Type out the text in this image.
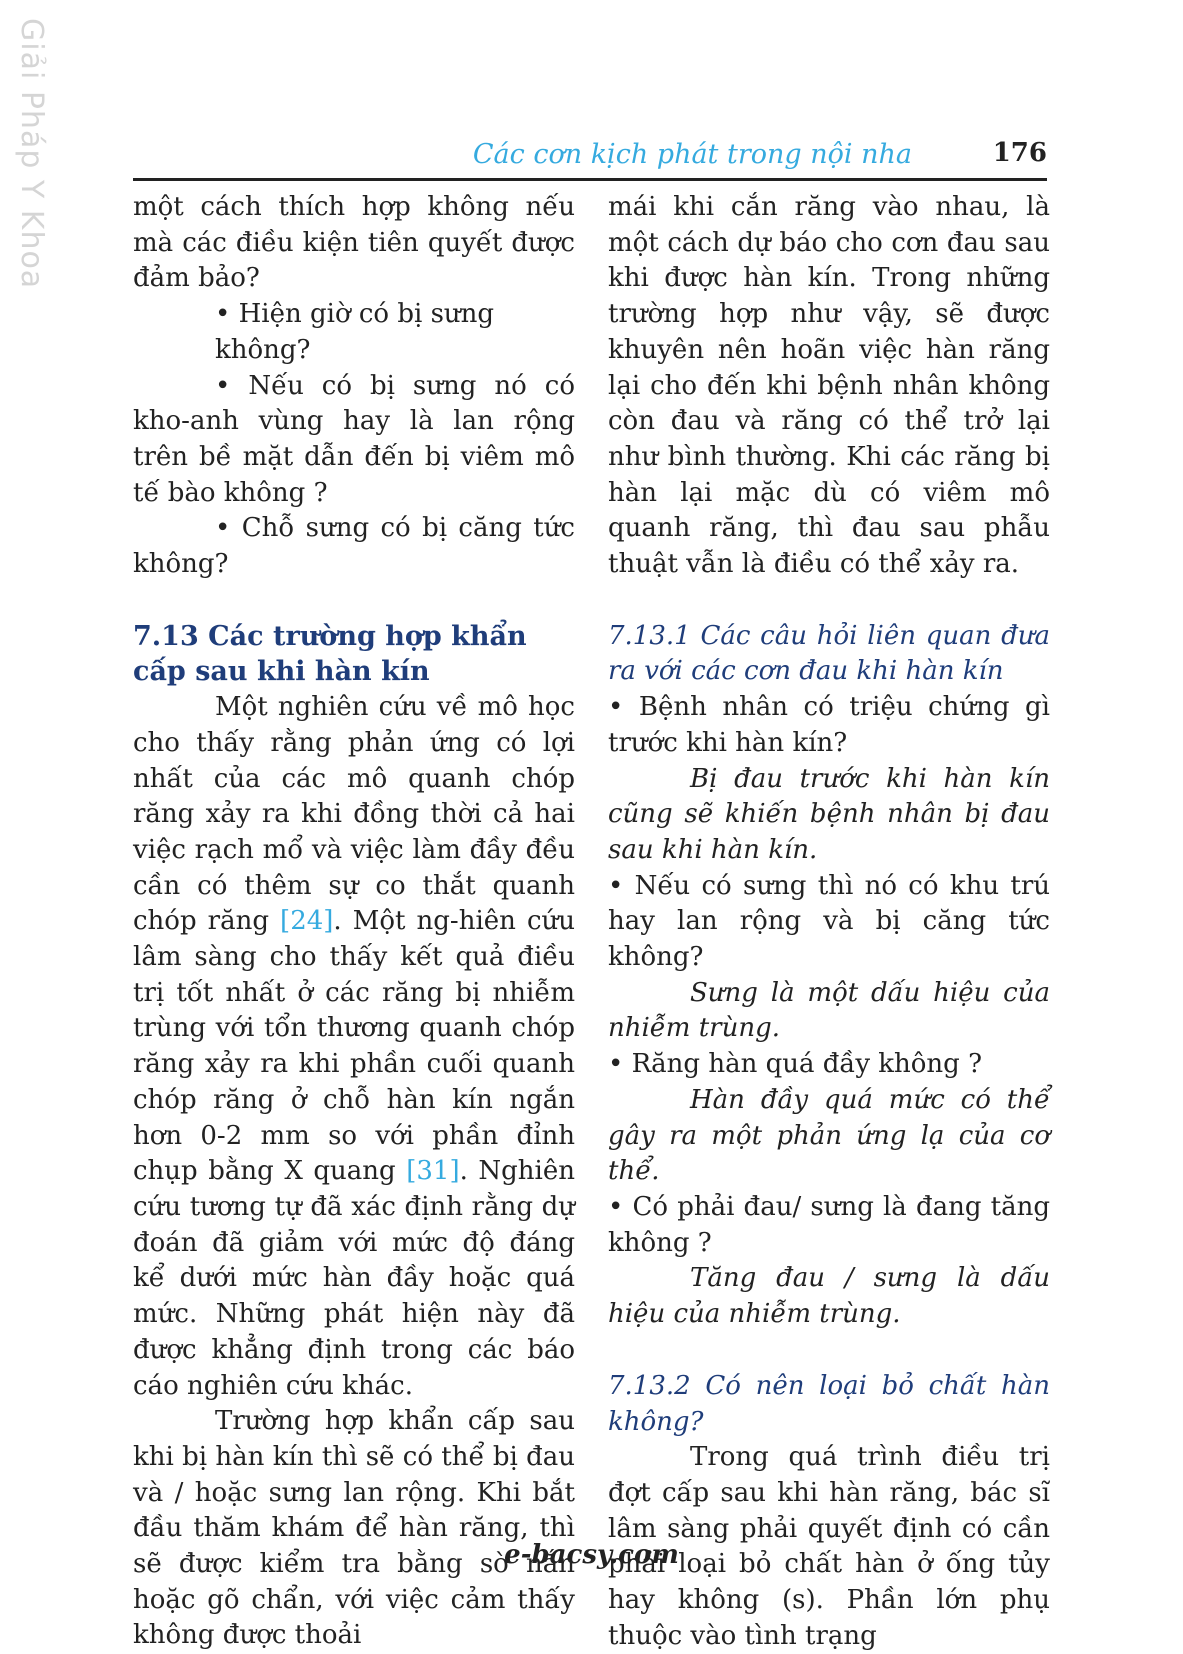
Giải Pháp Y Khoa	Các cơn kịch phát trong nội nha	176

một cách thích hợp không nếu mà các điều kiện tiên quyết được đảm bảo?

• Hiện giờ có bị sưng không?

• Nếu có bị sưng nó có kho-anh vùng hay là lan rộng trên bề mặt dẫn đến bị viêm mô tế bào không ?

• Chỗ sưng có bị căng tức không?

7.13 Các trường hợp khẩn cấp sau khi hàn kín

Một nghiên cứu về mô học cho thấy rằng phản ứng có lợi nhất của các mô quanh chóp răng xảy ra khi đồng thời cả hai việc rạch mổ và việc làm đầy đều cần có thêm sự co thắt quanh chóp răng [24]. Một ng-hiên cứu lâm sàng cho thấy kết quả điều trị tốt nhất ở các răng bị nhiễm trùng với tổn thương quanh chóp răng xảy ra khi phần cuối quanh chóp răng ở chỗ hàn kín ngắn hơn 0-2 mm so với phần đỉnh chụp bằng X quang [31]. Nghiên cứu tương tự đã xác định rằng dự đoán đã giảm với mức độ đáng kể dưới mức hàn đầy hoặc quá mức. Những phát hiện này đã được khẳng định trong các báo cáo nghiên cứu khác.

Trường hợp khẩn cấp sau khi bị hàn kín thì sẽ có thể bị đau và / hoặc sưng lan rộng. Khi bắt đầu thăm khám để hàn răng, thì sẽ được kiểm tra bằng sờ nắn hoặc gõ chẩn, với việc cảm thấy không được thoải

mái khi cắn răng vào nhau, là một cách dự báo cho cơn đau sau khi được hàn kín. Trong những trường hợp như vậy, sẽ được khuyên nên hoãn việc hàn răng lại cho đến khi bệnh nhân không còn đau và răng có thể trở lại như bình thường. Khi các răng bị hàn lại mặc dù có viêm mô quanh răng, thì đau sau phẫu thuật vẫn là điều có thể xảy ra.

7.13.1 Các câu hỏi liên quan đưa ra với các cơn đau khi hàn kín

• Bệnh nhân có triệu chứng gì trước khi hàn kín?

Bị đau trước khi hàn kín cũng sẽ khiến bệnh nhân bị đau sau khi hàn kín.

• Nếu có sưng thì nó có khu trú hay lan rộng và bị căng tức không?

Sưng là một dấu hiệu của nhiễm trùng.

• Răng hàn quá đầy không ?

Hàn đầy quá mức có thể gây ra một phản ứng lạ của cơ thể.

• Có phải đau/ sưng là đang tăng không ?

Tăng đau / sưng là dấu hiệu của nhiễm trùng.

7.13.2 Có nên loại bỏ chất hàn không?

Trong quá trình điều trị đợt cấp sau khi hàn răng, bác sĩ lâm sàng phải quyết định có cần phải loại bỏ chất hàn ở ống tủy hay không (s). Phần lớn phụ thuộc vào tình trạng

e-bacsy.com
